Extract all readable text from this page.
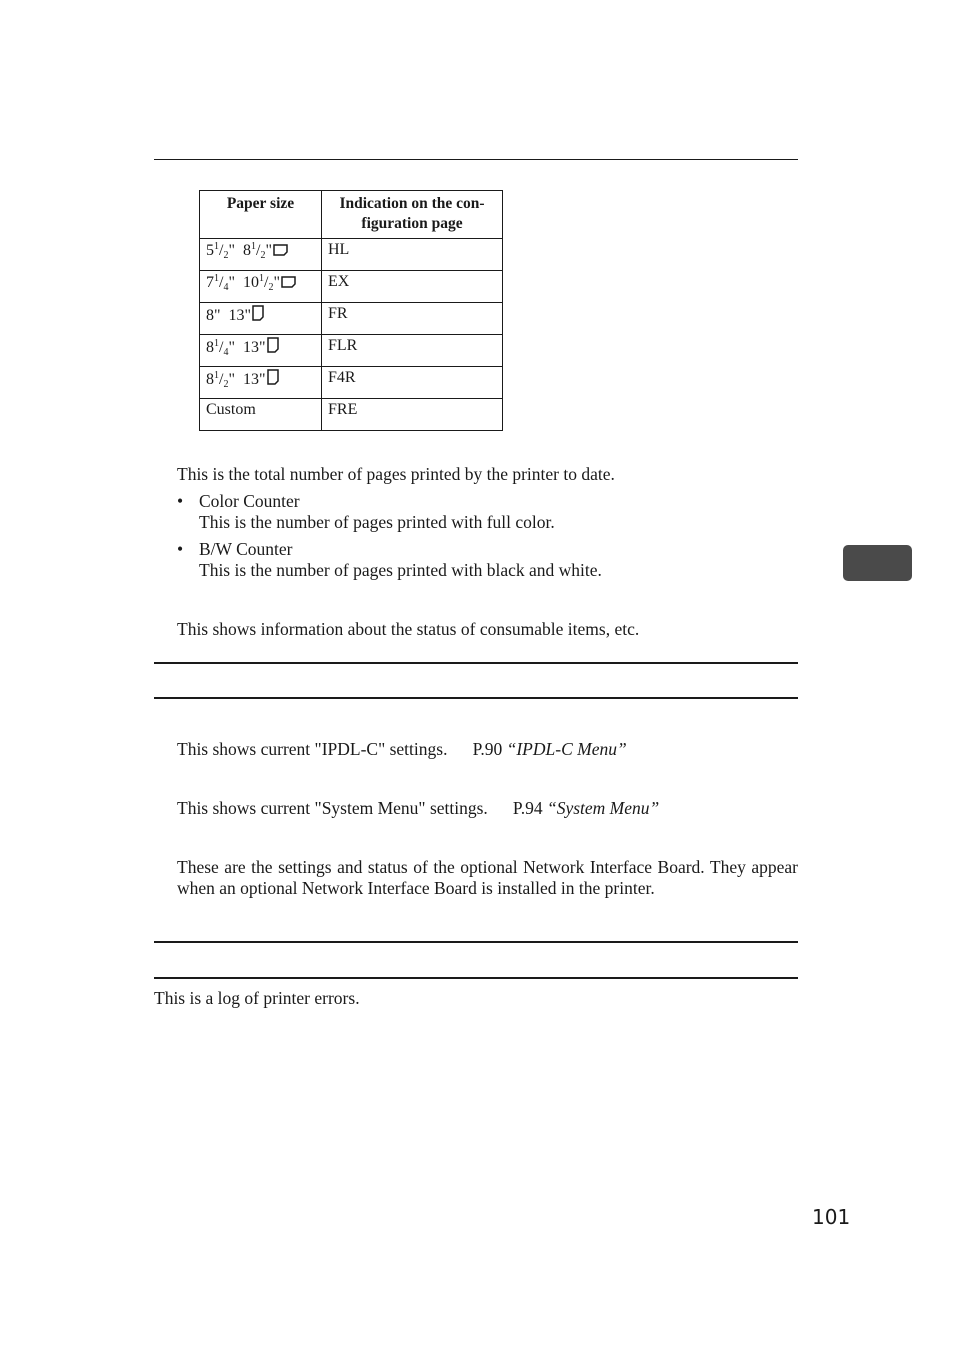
Paper size	Indication on the con-
figuration page
$5^1/_2$"  $8^1/_2$"	HL
$7^1/_4$"  $10^1/_2$"	EX
8"  13"	FR
$8^1/_4$"  13"	FLR
$8^1/_2$"  13"	F4R
Custom	FRE
This is the total number of pages printed by the printer to date.
• Color Counter
This is the number of pages printed with full color.
• B/W Counter
This is the number of pages printed with black and white.
This shows information about the status of consumable items, etc.
This shows current "IPDL-C" settings. P.90 “IPDL-C Menu”
This shows current "System Menu" settings. P.94 “System Menu”
These are the settings and status of the optional Network Interface Board. They appear when an optional Network Interface Board is installed in the printer.
This is a log of printer errors.
101
